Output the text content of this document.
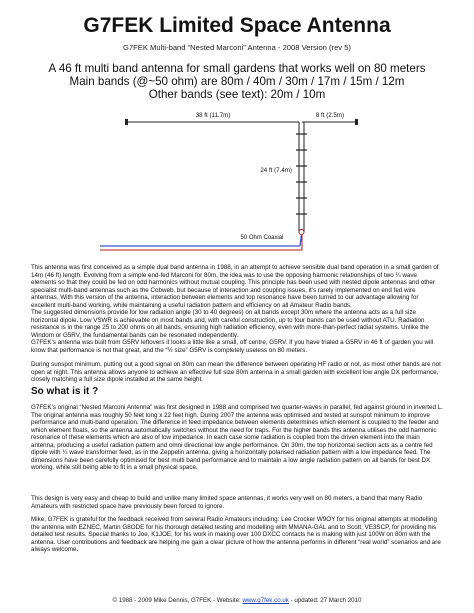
G7FEK Limited Space Antenna
G7FEK Multi-band “Nested Marconi” Antenna - 2008 Version (rev 5)
A 46 ft multi band antenna for small gardens that works well on 80 meters
Main bands (@~50 ohm) are 80m / 40m / 30m / 17m / 15m / 12m
Other bands (see text): 20m / 10m
38 ft (11.7m)	8 ft (2.5m)
24 ft (7.4m)
50 Ohm Coaxial

This antenna was first conceived as a simple dual band antenna in 1988, in an attempt to achieve sensible dual band operation in a small garden of 14m (46 ft) length. Evolving from a simple end-fed Marconi for 80m, the idea was to use the opposing harmonic relationships of two ¼ wave elements so that they could be fed on odd harmonics without mutual coupling. This principle has been used with nested dipole antennas and other specialist multi-band antennas such as the Cobweb, but because of interaction and coupling issues, it’s rarely implemented on end fed wire antennas. With this version of the antenna, interaction between elements and top resonance have been turned to our advantage allowing for excellent multi-band working, while maintaining a useful radiation pattern and efficiency on all Amateur Radio bands.

The suggested dimensions provide for low radiation angle (30 to 40 degrees) on all bands except 30m where the antenna acts as a full size horizontal dipole. Low VSWR is achievable on most bands and, with careful construction, up to four bands can be used without ATU. Radiation resistance is in the range 25 to 200 ohms on all bands, ensuring high radiation efficiency, even with more-than-perfect radial systems. Unlike the Windom or G5RV, the fundamental bands can be resonated independently.

G7FEK’s antenna was built from G5RV leftovers it looks a little like a small, off centre, G5RV. If you have trialed a G5RV in 46 ft of garden you will know that performance is not that great, and the “½ size” G5RV is completely useless on 80 meters.

During sunspot minimum, putting out a good signal on 80m can mean the difference between operating HF radio or not, as most other bands are not open at night. This antenna allows anyone to achieve an effective full size 80m antenna in a small garden with excellent low angle DX performance, closely matching a full size dipole installed at the same height.

So what is it ?

G7FEK’s original “Nested Marconi Antenna” was first designed in 1988 and comprised two quarter-waves in parallel, fed against ground in inverted L. The original antenna was roughly 50 feet long x 22 feet high. During 2007 the antenna was optimised and tested at sunspot minimum to improve performance and multi-band operation. The difference in feed impedance between elements determines which element is coupled to the feeder and which element floats, so the antenna automatically switches without the need for traps. For the higher bands this antenna utilises the odd harmonic resonance of these elements which are also of low impedance. In each case some radiation is coupled from the driven element into the main antenna, producing a useful radiation pattern and omni directional low angle performance. On 30m, the top horizontal section acts as a centre fed dipole with ¼ wave transformer feed, as in the Zeppelin antenna, giving a horizontally polarised radiation pattern with a low impedance feed. The dimensions have been carefully optimised for best multi band performance and to maintain a low angle radiation pattern on all bands for best DX working, while still being able to fit in a small physical space.

This design is very easy and cheap to build and unlike many limited space antennas, it works very well on 80 meters, a band that many Radio Amateurs with restricted space have previously been forced to ignore.

Mike, G7FEK is grateful for the feedback received from several Radio Amateurs including: Lee Crocker W9OY for his original attempts at modelling the antenna with EZNEC, Martin G8ODE for his thorough detailed testing and modelling with MMANA-GAL and to Scott, VE3SCP, for providing his detailed test results. Special thanks to Joe, K1JOE, for his work in making over 100 DXCC contacts he is making with just 100W on 80m with the antenna. User contributions and feedback are helping me gain a clear picture of how the antenna performs in different “real world” scenarios and are always welcome.

© 1988 - 2009 Mike Dennis, G7FEK - Website: www.g7fek.co.uk - updated: 27 March 2010
